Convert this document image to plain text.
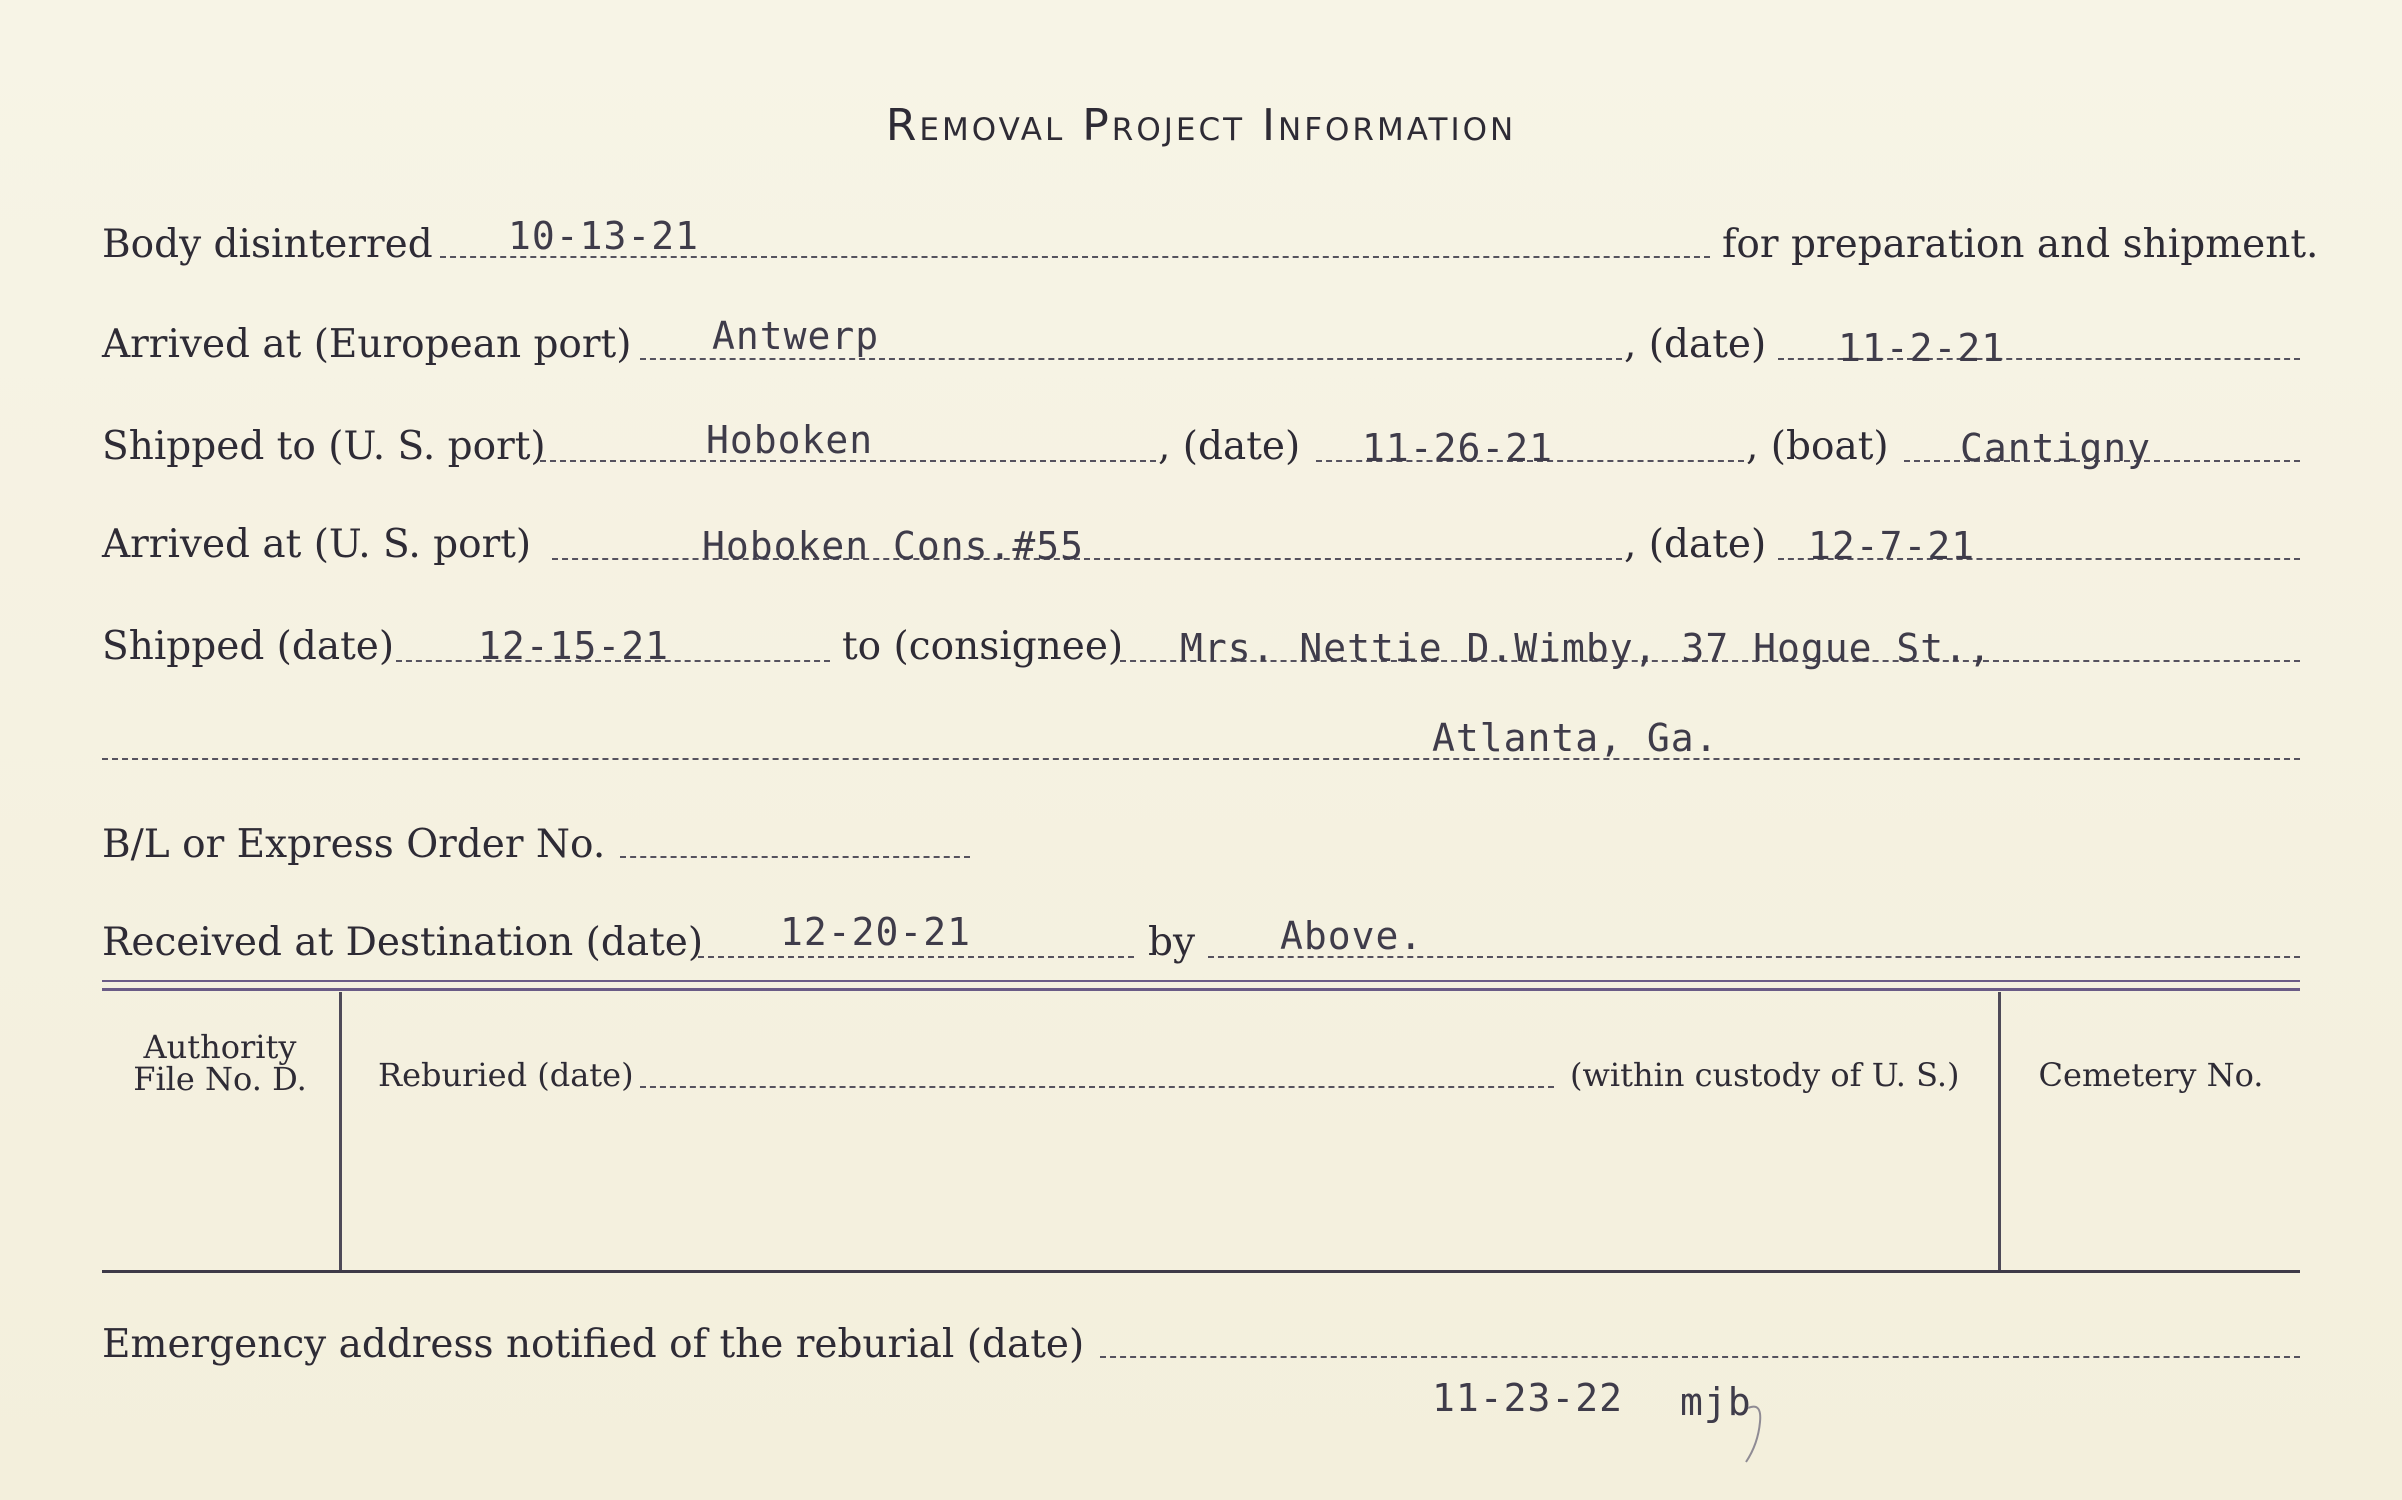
Removal Project Information
Body disinterred 10-13-21	for preparation and shipment.
Arrived at (European port) Antwerp	, (date) 11-2-21
Shipped to (U. S. port)	Hoboken	, (date) 11-26-21	, (boat) Cantigny
Arrived at (U. S. port)	Hoboken Cons.#55	, (date) 12-7-21
Shipped (date) 12-15-21	to (consignee) Mrs. Nettie D.Wimby, 37 Hogue St.,
Atlanta, Ga.
B/L or Express Order No.
Received at Destination (date) 12-20-21	by Above.
Authority
File No. D.	Reburied (date)	(within custody of U. S.)	Cemetery No.
Emergency address notified of the reburial (date)
11-23-22 mjb
